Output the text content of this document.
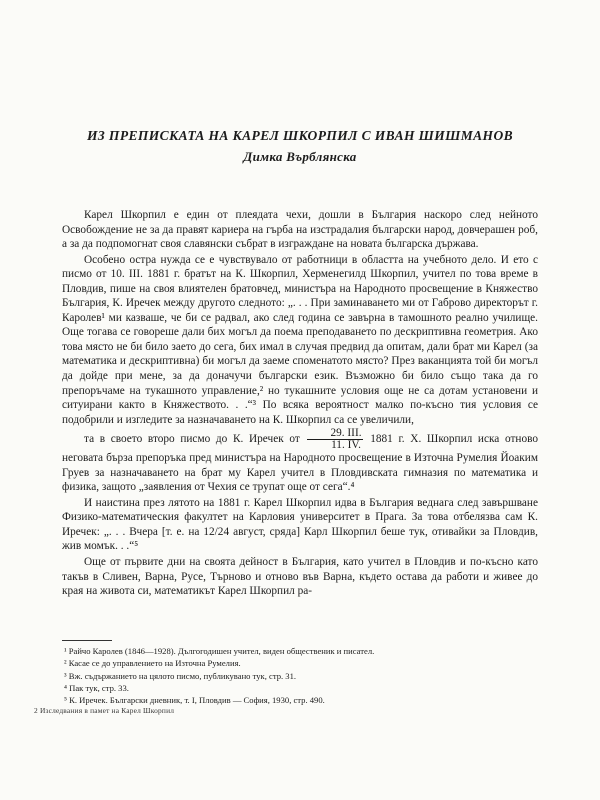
ИЗ ПРЕПИСКАТА НА КАРЕЛ ШКОРПИЛ С ИВАН ШИШМАНОВ
Димка Върблянска

Карел Шкорпил е един от плеядата чехи, дошли в България наскоро след нейното Освобождение не за да правят кариера на гърба на изстрадалия български народ, довчерашен роб, а за да подпомогнат своя славянски събрат в изграждане на новата българска държава.

Особено остра нужда се е чувствувало от работници в областта на учебното дело. И ето с писмо от 10. III. 1881 г. братът на К. Шкорпил, Херменегилд Шкорпил, учител по това време в Пловдив, пише на своя влиятелен братовчед, министъра на Народното просвещение в Княжество България, К. Иречек между другото следното: „. . . При заминаването ми от Габрово директорът г. Каролев¹ ми казваше, че би се радвал, ако след година се завърна в тамошното реално училище. Още тогава се говореше дали бих могъл да поема преподаването по дескриптивна геометрия. Ако това място не би било заето до сега, бих имал в случая предвид да опитам, дали брат ми Карел (за математика и дескриптивна) би могъл да заеме споменатото място? През ваканцията той би могъл да дойде при мене, за да доначучи български език. Възможно би било също така да го препоръчаме на тукашното управление,² но тукашните условия още не са дотам установени и ситуирани както в Княжеството. . .“³ По всяка вероятност малко по-късно тия условия се подобрили и изгледите за назначаването на К. Шкорпил са се увеличили,

та в своето второ писмо до К. Иречек от $\frac{\text{29. III.}}{11. IV.} 1881$ г. Х. Шкорпил иска отново неговата бърза препоръка пред министъра на Народното просвещение в Източна Румелия Йоаким Груев за назначаването на брат му Карел учител в Пловдивската гимназия по математика и физика, защото „заявления от Чехия се трупат още от сега“.⁴

И наистина през лятото на 1881 г. Карел Шкорпил идва в България веднага след завършване Физико-математическия факултет на Карловия университет в Прага. За това отбелязва сам К. Иречек: „. . . Вчера [т. е. на 12/24 август, сряда] Карл Шкорпил беше тук, отивайки за Пловдив, жив момък. . .“⁵

Още от първите дни на своята дейност в България, като учител в Пловдив и по-късно като такъв в Сливен, Варна, Русе, Търново и отново във Варна, където остава да работи и живее до края на живота си, математикът Карел Шкорпил ра-

¹ Райчо Каролев (1846—1928). Дългогодишен учител, виден общественик и писател.

² Касае се до управлението на Източна Румелия.

³ Вж. съдържанието на цялото писмо, публикувано тук, стр. 31.

⁴ Пак тук, стр. 33.

⁵ К. Иречек. Български дневник, т. I, Пловдив — София, 1930, стр. 490.

2 Изследвания в памет на Карел Шкорпил
